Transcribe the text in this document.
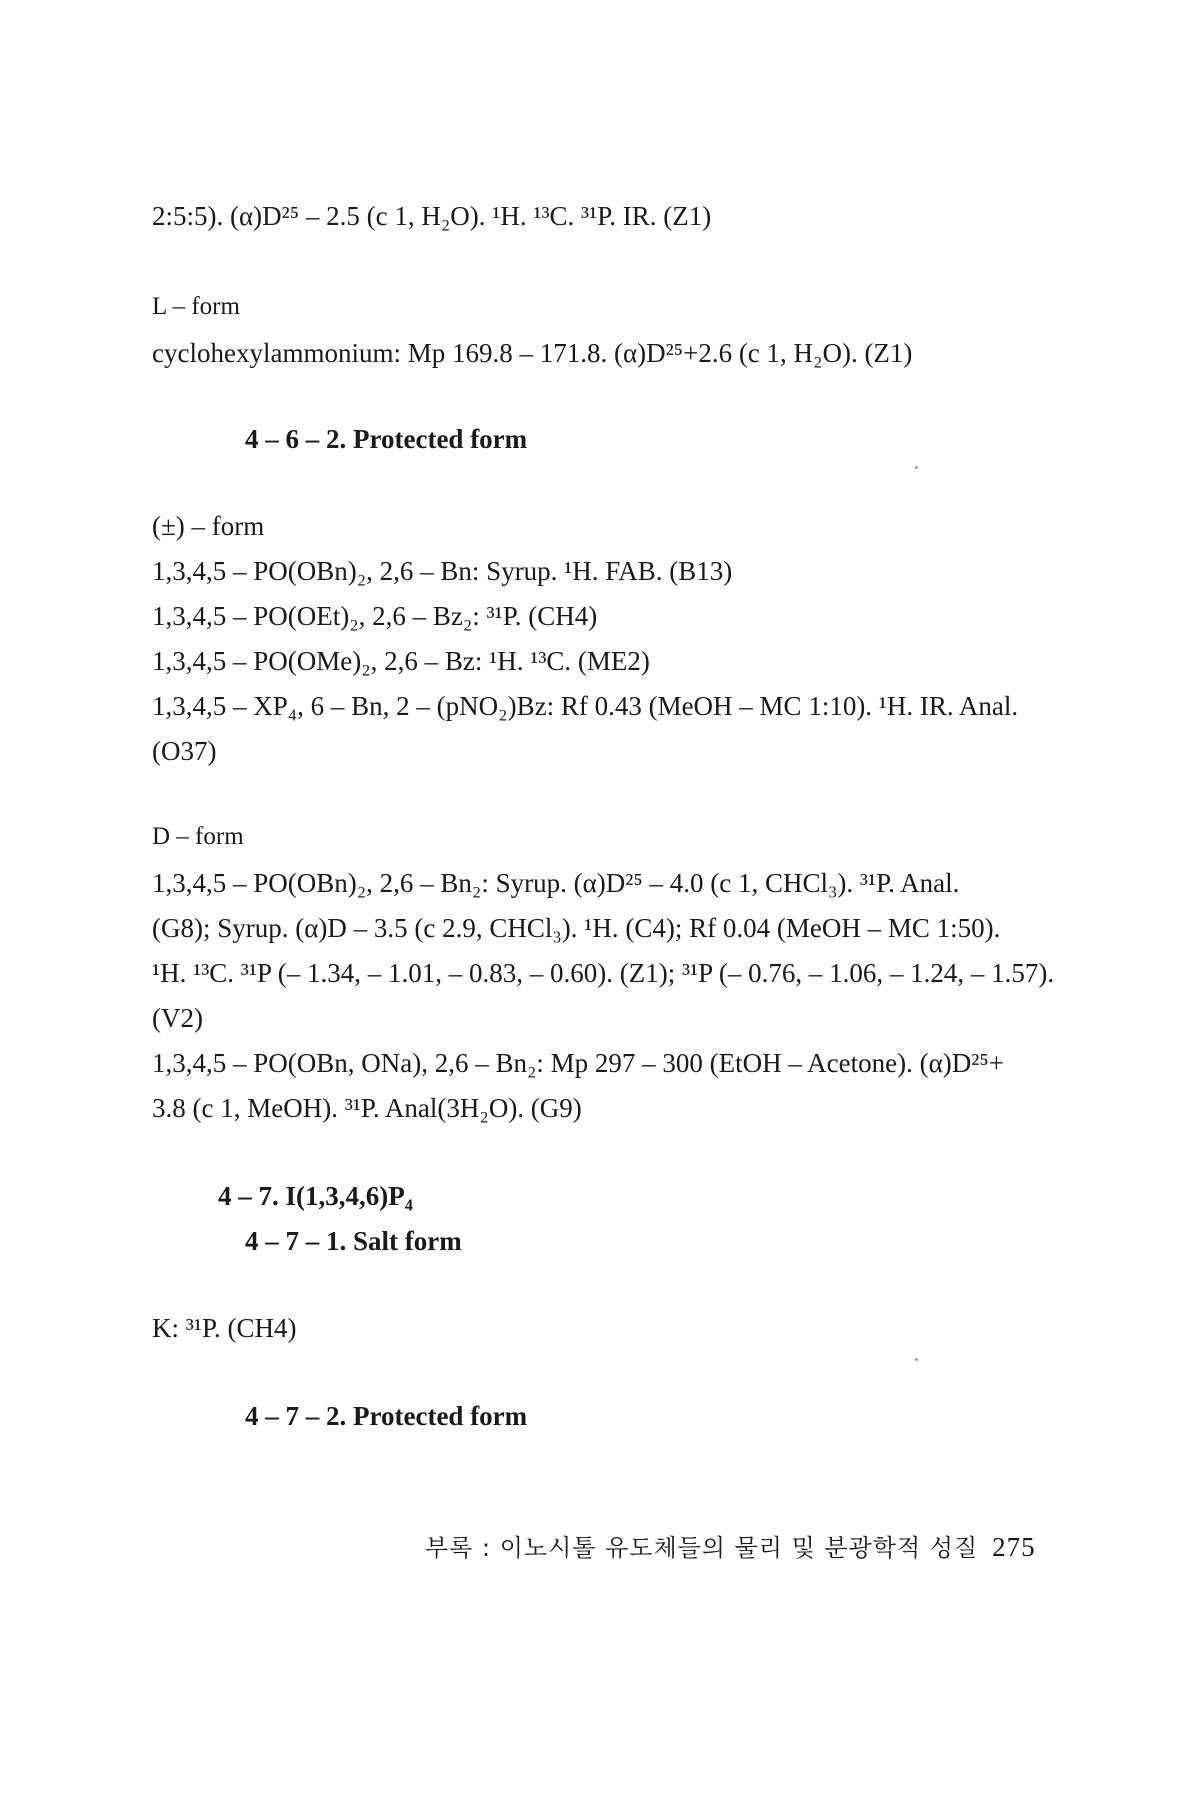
2:5:5). (α)D²⁵ – 2.5 (c 1, H₂O). ¹H. ¹³C. ³¹P. IR. (Z1)
L – form
cyclohexylammonium: Mp 169.8 – 171.8. (α)D²⁵+2.6 (c 1, H₂O). (Z1)
4 – 6 – 2. Protected form
(±) – form
1,3,4,5 – PO(OBn)₂, 2,6 – Bn: Syrup. ¹H. FAB. (B13)
1,3,4,5 – PO(OEt)₂, 2,6 – Bz₂: ³¹P. (CH4)
1,3,4,5 – PO(OMe)₂, 2,6 – Bz: ¹H. ¹³C. (ME2)
1,3,4,5 – XP₄, 6 – Bn, 2 – (pNO₂)Bz: Rf 0.43 (MeOH – MC 1:10). ¹H. IR. Anal.
(O37)
D – form
1,3,4,5 – PO(OBn)₂, 2,6 – Bn₂: Syrup. (α)D²⁵ – 4.0 (c 1, CHCl₃). ³¹P. Anal.
(G8); Syrup. (α)D – 3.5 (c 2.9, CHCl₃). ¹H. (C4); Rf 0.04 (MeOH – MC 1:50).
¹H. ¹³C. ³¹P (– 1.34, – 1.01, – 0.83, – 0.60). (Z1); ³¹P (– 0.76, – 1.06, – 1.24, – 1.57).
(V2)
1,3,4,5 – PO(OBn, ONa), 2,6 – Bn₂: Mp 297 – 300 (EtOH – Acetone). (α)D²⁵+
3.8 (c 1, MeOH). ³¹P. Anal(3H₂O). (G9)
4 – 7. I(1,3,4,6)P₄
4 – 7 – 1. Salt form
K: ³¹P. (CH4)
4 – 7 – 2. Protected form
부록 : 이노시톨 유도체들의 물리 및 분광학적 성질 275
